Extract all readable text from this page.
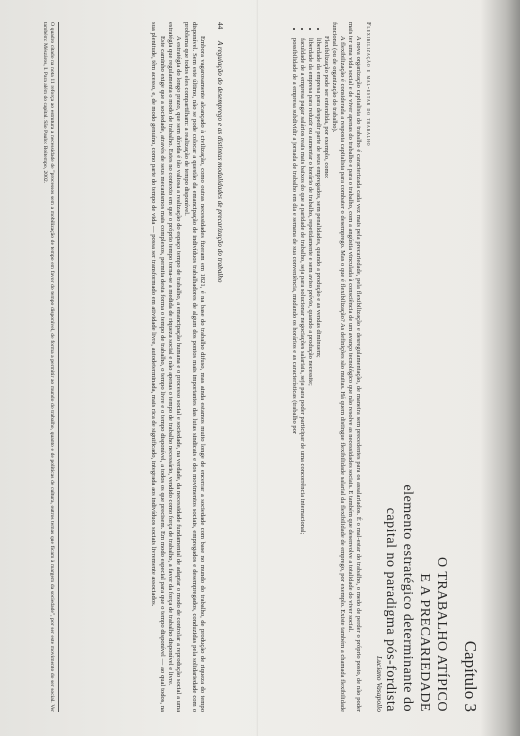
Capítulo 3
O TRABALHO ATÍPICO
E A PRECARIEDADE
elemento estratégico determinante do
capital no paradigma pós-fordista
Luciano Vasapollo
Flexibilização e mal-estar do trabalho

A nova organização capitalista do trabalho é caracterizada cada vez mais pela precariedade, pela flexibilização e desregulamentação, de maneira sem precedentes para os assalariados. É o mal-estar do trabalho, o medo de perder o próprio posto, de não poder mais ter uma vida social e de viver apenas do trabalho e para o trabalho, com a angústia vinculada à consciência de um avanço tecnológico que não resolve as necessidades sociais. E também que desenvolve a totalidade do viver social.

A flexibilização é considerada a resposta capitalista para combater o desemprego. Mas o que é flexibilização? As definições são muitas. Há quem distingue flexibilidade salarial da flexibilidade de emprego, por exemplo. Existe também a chamada flexibilidade funcional (ou de organização do trabalho).

Flexibilização pode ser entendida, por exemplo, como:

• liberdade da empresa para despedir parte de seus empregados, sem penalidades, quando a produção e as vendas diminuem;
• liberdade da empresa para reduzir ou aumentar o horário de trabalho, repetidamente e sem aviso prévio, quando a produção necessite;
• faculdade de a empresa pagar salários reais mais baixos do que a paridade de trabalho, seja para solucionar negociações salariais, seja para poder participar de uma concorrência internacional;
• possibilidade de a empresa subdividir a jornada de trabalho em dia e semana de sua conveniência, mudando os horários e as características (trabalho por
44 A regulação do desemprego e as distintas modalidades de precarização do trabalho

Embora vagarosamente alcançado à civilização, como outras necessidades fizeram em 1821, é na base do trabalho difuso, mas ainda estamos muito longe de encerrar a sociedade com base no mundo do trabalho, de produção de riqueza do tempo disponível. Sem este último, não se pode colocar a questão da emancipação de indivíduos trabalhadores de algum dos pontos mais importantes das lutas sindicais e dos movimentos sociais, empregados e desempregados, conduzidas pela solidariedade com o problema que todos eles compartilham: a realização de tempo disponível.

A estratégia do longo prazo, que sem dúvida é tão valiosa a realização do espaço tempo de trabalho, a emancipação humana e o processo social e sociedade, na verdade, da necessidade fundamental de adaptar o modo de controlar a reprodução social a uma estratégia que regulamenta o modo de trabalho. Estes no contexto em que o próprio tempo torna-se a medida de riqueza social e não apenas o tempo de trabalho necessário, vendido como força de trabalho, a favor da força de trabalho disponível e livre.

Este caminho exige que a sociedade, através de seus mecanismos mais complexos, permita desta forma o tempo de trabalho, o tempo livre e o tempo disponível, a todos os que precisem. Em modo especial para que o tempo disponível — ao qual todos, na sua plenitude, têm acesso, e, de modo genuíno, como parte do tempo de vida — possa ser transformado em atividade livre, autodeterminada, mais rica de significado, integrada aos indivíduos sociais livremente associados.

O quadro citado na nota 11 reforça ao estrutura a necessidade de "processos sem a mobilização de tempo em favor do tempo disponível, de forma a permitir ao mundo do trabalho, quanto e de políticas de cultura, outros temas que ficam à margem da sociedade", por ser este movimento do ser social. Ver também: Mészáros, I. Para além do capital. São Paulo: Boitempo, 2002.
